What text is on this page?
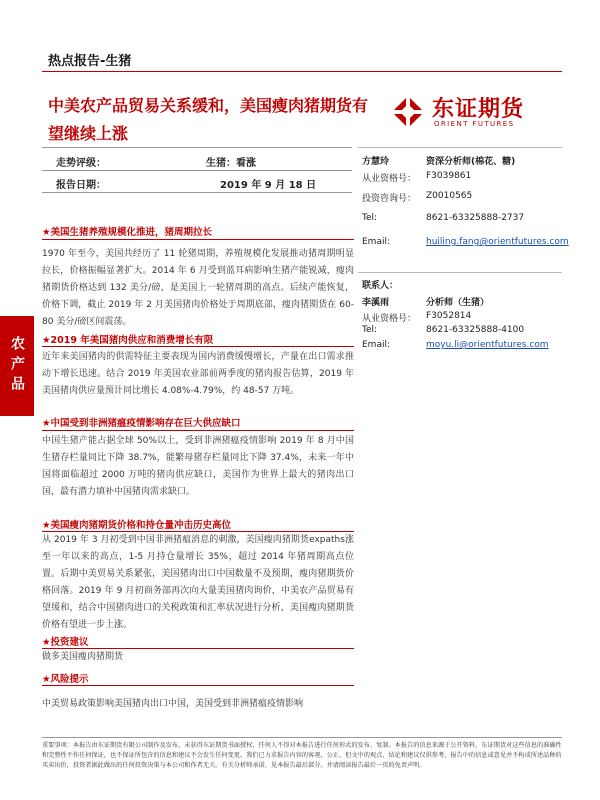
热点报告-生猪
中美农产品贸易关系缓和，美国瘦肉猪期货有望继续上涨
东证期货
ORIENT FUTURES
走势评级：	生猪：看涨
报告日期：	2019 年 9 月 18 日
方慧玲	资深分析师(棉花、糖)
从业资格号： F3039861
投资咨询号： Z0010565
Tel:	8621-63325888-2737
Email:	huiling.fang@orientfutures.com
联系人：
李溪雨	分析师（生猪）
从业资格号： F3052814
Tel:	8621-63325888-4100
Email:	moyu.li@orientfutures.com
农产品
★美国生猪养殖规模化推进，猪周期拉长
1970 年至今，美国共经历了 11 轮猪周期，养殖规模化发展推动猪周期明显拉长，价格振幅显著扩大。2014 年 6 月受到蓝耳病影响生猪产能锐减，瘦肉猪期货价格达到 132 美分/磅，是美国上一轮猪周期的高点。后续产能恢复，价格下调，截止 2019 年 2 月美国猪肉价格处于周期底部，瘦肉猪期货在 60-80 美分/磅区间震荡。
★2019 年美国猪肉供应和消费增长有限
近年来美国猪肉的供需特征主要表现为国内消费缓慢增长，产量在出口需求推动下增长迅速。结合 2019 年美国农业部前两季度的猪肉报告估算，2019 年美国猪肉供应量预计同比增长 4.08%-4.79%，约 48-57 万吨。
★中国受到非洲猪瘟疫情影响存在巨大供应缺口
中国生猪产能占据全球 50%以上，受到非洲猪瘟疫情影响 2019 年 8 月中国生猪存栏量同比下降 38.7%，能繁母猪存栏量同比下降 37.4%，未来一年中国将面临超过 2000 万吨的猪肉供应缺口，美国作为世界上最大的猪肉出口国，最有潜力填补中国猪肉需求缺口。
★美国瘦肉猪期货价格和持仓量冲击历史高位
从 2019 年 3 月初受到中国非洲猪瘟消息的刺激，美国瘦肉猪期货expaths涨至一年以来的高点，1-5 月持仓量增长 35%，超过 2014 年猪周期高点位置。后期中美贸易关系紧张，美国猪肉出口中国数量不及预期，瘦肉猪期货价格回落。2019 年 9 月初商务部再次向大量美国猪肉询价，中美农产品贸易有望缓和，结合中国猪肉进口的关税政策和汇率状况进行分析，美国瘦肉猪期货价格有望进一步上涨。
★投资建议
做多美国瘦肉猪期货
★风险提示
中美贸易政策影响美国猪肉出口中国，美国受到非洲猪瘟疫情影响
重要事项：本报告由东证期货有限公司制作及发布，未获得东证期货书面授权，任何人不得对本报告进行任何形式的发布、复制。本报告的信息来源于公开资料，东证期货对这些信息的准确性和完整性不作任何保证，也不保证所包含的信息和建议不会发生任何变更。我们已力求报告内容的客观、公正，但文中的观点、结论和建议仅供参考，报告中的信息或意见并不构成所述品种的买卖出价，投资者据此做出的任何投资决策与本公司和作者无关。有关分析师承诺，见本报告最后部分。并请阅读报告最后一页的免责声明。
